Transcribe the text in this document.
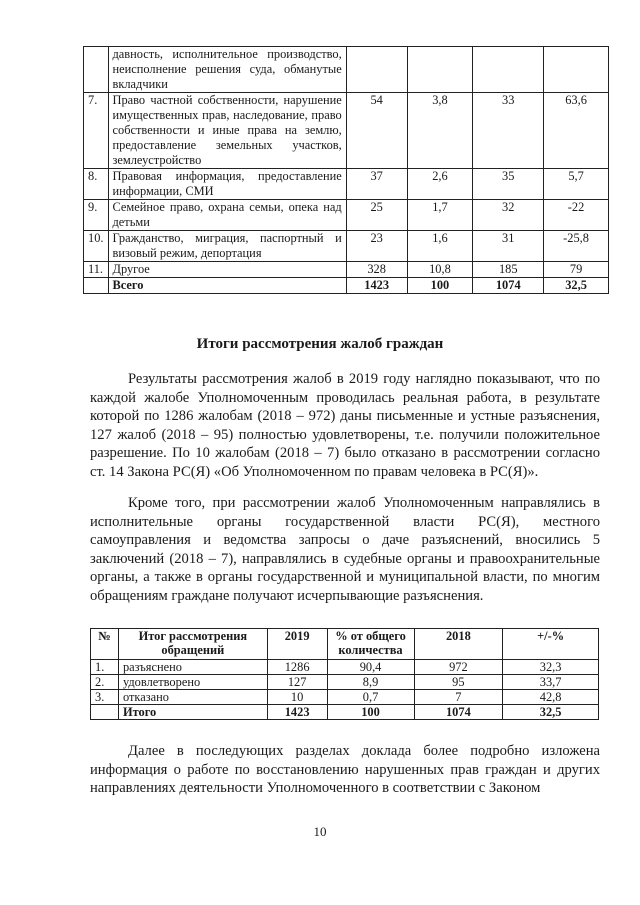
	давность, исполнительное производство, неисполнение решения суда, обманутые вкладчики				
7.	Право частной собственности, нарушение имущественных прав, наследование, право собственности и иные права на землю, предоставление земельных участков, землеустройство	54	3,8	33	63,6
8.	Правовая информация, предоставление информации, СМИ	37	2,6	35	5,7
9.	Семейное право, охрана семьи, опека над детьми	25	1,7	32	-22
10.	Гражданство, миграция, паспортный и визовый режим, депортация	23	1,6	31	-25,8
11.	Другое	328	10,8	185	79
	Всего	1423	100	1074	32,5
Итоги рассмотрения жалоб граждан

Результаты рассмотрения жалоб в 2019 году наглядно показывают, что по каждой жалобе Уполномоченным проводилась реальная работа, в результате которой по 1286 жалобам (2018 – 972) даны письменные и устные разъяснения, 127 жалоб (2018 – 95) полностью удовлетворены, т.е. получили положительное разрешение. По 10 жалобам (2018 – 7) было отказано в рассмотрении согласно ст. 14 Закона РС(Я) «Об Уполномоченном по правам человека в РС(Я)».

Кроме того, при рассмотрении жалоб Уполномоченным направлялись в исполнительные органы государственной власти РС(Я), местного самоуправления и ведомства запросы о даче разъяснений, вносились 5 заключений (2018 – 7), направлялись в судебные органы и правоохранительные органы, а также в органы государственной и муниципальной власти, по многим обращениям граждане получают исчерпывающие разъяснения.

№	Итог рассмотрения обращений	2019	% от общего количества	2018	+/-%
1.	разъяснено	1286	90,4	972	32,3
2.	удовлетворено	127	8,9	95	33,7
3.	отказано	10	0,7	7	42,8
	Итого	1423	100	1074	32,5

Далее в последующих разделах доклада более подробно изложена информация о работе по восстановлению нарушенных прав граждан и других направлениях деятельности Уполномоченного в соответствии с Законом

10
